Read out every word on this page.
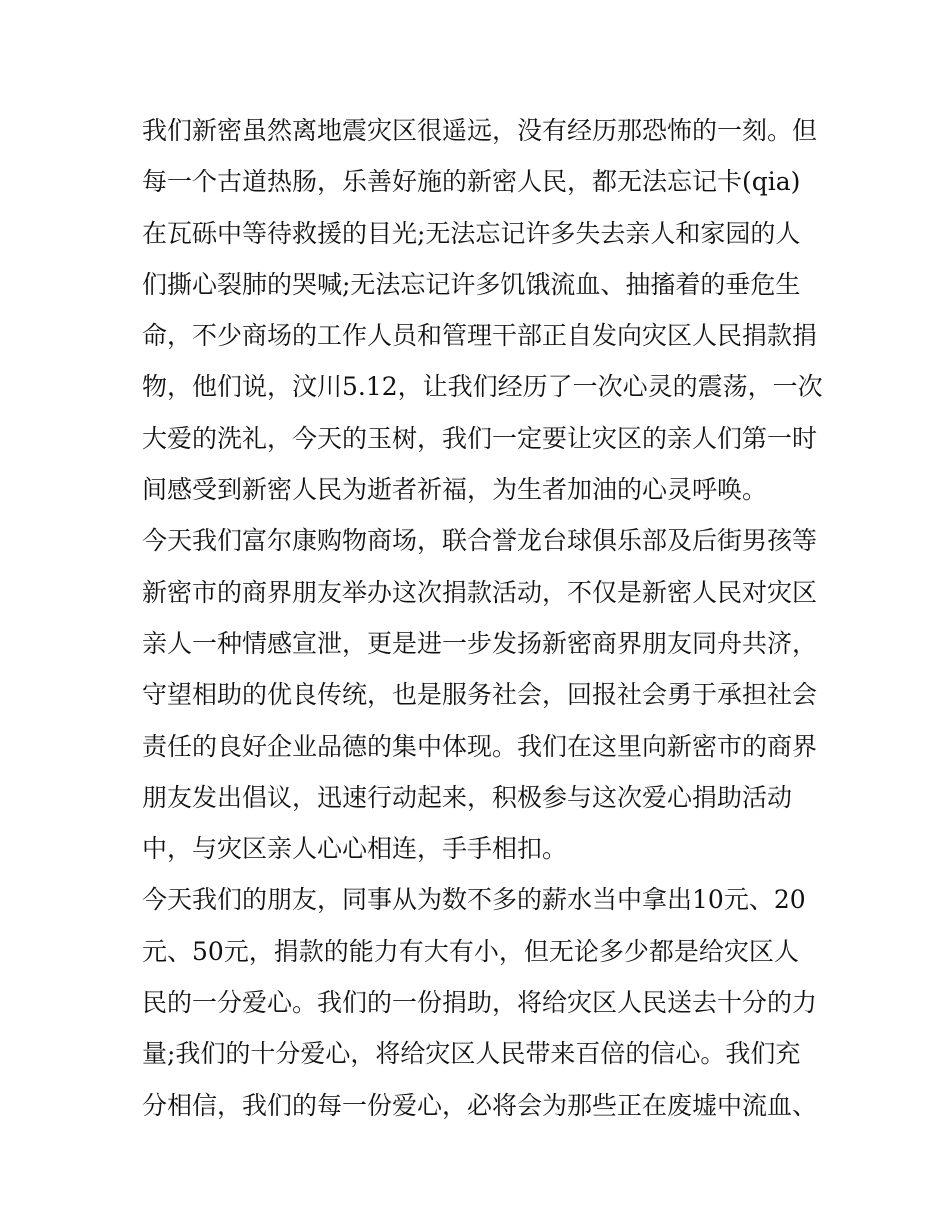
我们新密虽然离地震灾区很遥远，没有经历那恐怖的一刻。但
每一个古道热肠，乐善好施的新密人民，都无法忘记卡(qia)
在瓦砾中等待救援的目光;无法忘记许多失去亲人和家园的人
们撕心裂肺的哭喊;无法忘记许多饥饿流血、抽搐着的垂危生
命，不少商场的工作人员和管理干部正自发向灾区人民捐款捐
物，他们说，汶川5.12，让我们经历了一次心灵的震荡，一次
大爱的洗礼，今天的玉树，我们一定要让灾区的亲人们第一时
间感受到新密人民为逝者祈福，为生者加油的心灵呼唤。
今天我们富尔康购物商场，联合誉龙台球俱乐部及后街男孩等
新密市的商界朋友举办这次捐款活动，不仅是新密人民对灾区
亲人一种情感宣泄，更是进一步发扬新密商界朋友同舟共济，
守望相助的优良传统，也是服务社会，回报社会勇于承担社会
责任的良好企业品德的集中体现。我们在这里向新密市的商界
朋友发出倡议，迅速行动起来，积极参与这次爱心捐助活动
中，与灾区亲人心心相连，手手相扣。
今天我们的朋友，同事从为数不多的薪水当中拿出10元、20
元、50元，捐款的能力有大有小，但无论多少都是给灾区人
民的一分爱心。我们的一份捐助，将给灾区人民送去十分的力
量;我们的十分爱心，将给灾区人民带来百倍的信心。我们充
分相信，我们的每一份爱心，必将会为那些正在废墟中流血、
